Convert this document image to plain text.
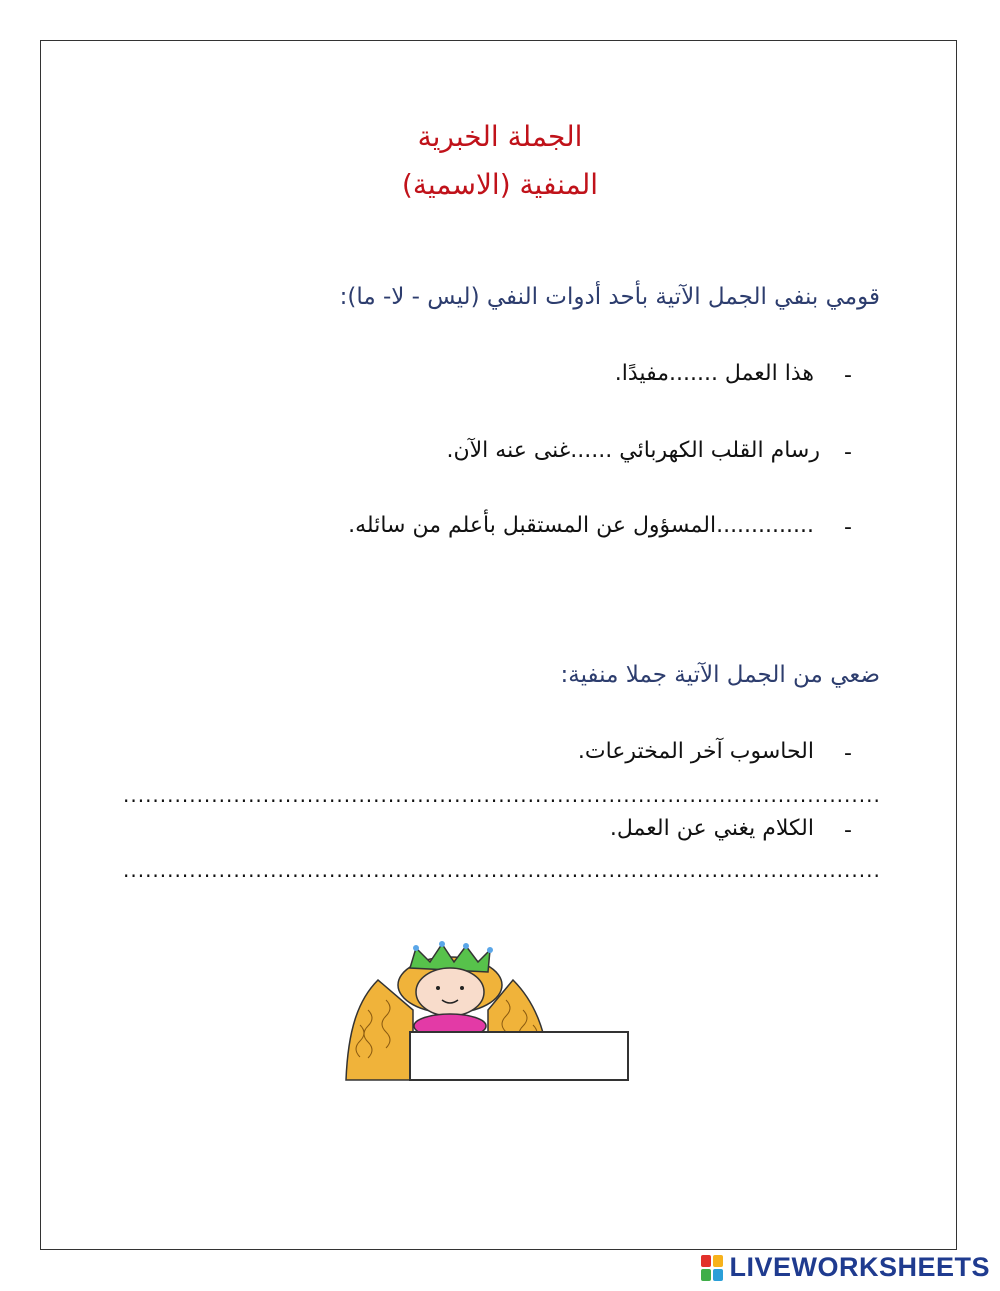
الجملة الخبرية
المنفية (الاسمية)
قومي بنفي الجمل الآتية بأحد أدوات النفي (ليس - لا- ما):
-
هذا العمل .......مفيدًا.
-
رسام القلب الكهربائي ......غنى عنه الآن.
-
..............المسؤول عن المستقبل بأعلم من سائله.
ضعي من الجمل الآتية جملا منفية:
-
الحاسوب آخر المخترعات.
.....
-
الكلام يغني عن العمل.
.....
LIVEWORKSHEETS
